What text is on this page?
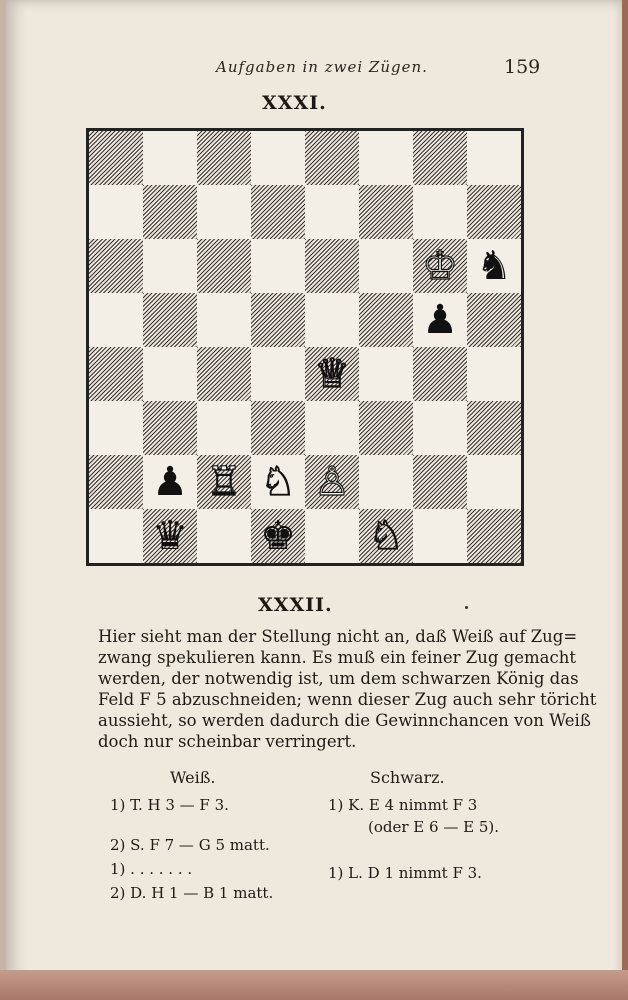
Aufgaben in zwei Zügen.	159
XXXI.
♔ ♞
♟
♕
♟ ♖ ♘ ♙
♛ ♚ ♘
XXXII.
Hier sieht man der Stellung nicht an, daß Weiß auf Zug=
zwang spekulieren kann. Es muß ein feiner Zug gemacht
werden, der notwendig ist, um dem schwarzen König das
Feld F 5 abzuschneiden; wenn dieser Zug auch sehr töricht
aussieht, so werden dadurch die Gewinnchancen von Weiß
doch nur scheinbar verringert.
Weiß.	Schwarz.
1) T. H 3 — F 3.
2) S. F 7 — G 5 matt.
1) . . . . . . .
2) D. H 1 — B 1 matt.
1) K. E 4 nimmt F 3
(oder E 6 — E 5).
1) L. D 1 nimmt F 3.
